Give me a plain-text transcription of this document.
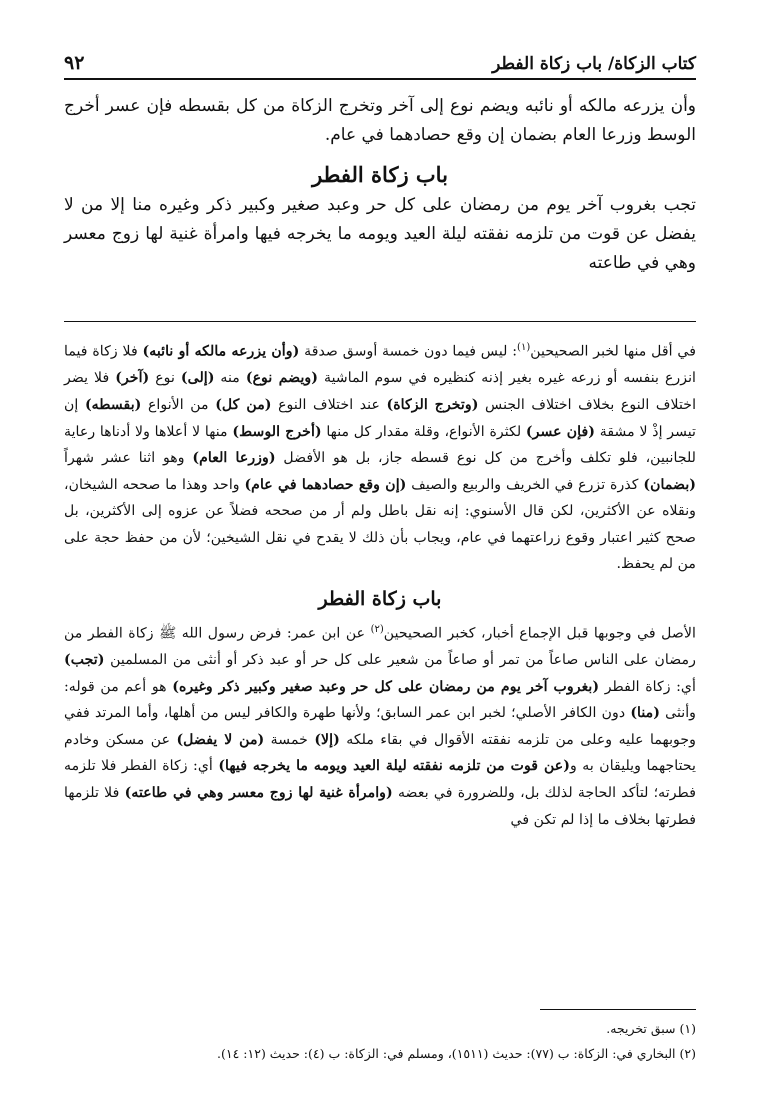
كتاب الزكاة/ باب زكاة الفطر
٩٢

وأن يزرعه مالكه أو نائبه ويضم نوع إلى آخر وتخرج الزكاة من كل بقسطه فإن عسر أخرج الوسط وزرعا العام بضمان إن وقع حصادهما في عام.

باب زكاة الفطر

تجب بغروب آخر يوم من رمضان على كل حر وعبد صغير وكبير ذكر وغيره منا إلا من لا يفضل عن قوت من تلزمه نفقته ليلة العيد ويومه ما يخرجه فيها وامرأة غنية لها زوج معسر وهي في طاعته

في أقل منها لخبر الصحيحين$^{(١)}$: ليس فيما دون خمسة أوسق صدقة (وأن يزرعه مالكه أو نائبه) فلا زكاة فيما انزرع بنفسه أو زرعه غيره بغير إذنه كنظيره في سوم الماشية (ويضم نوع) منه (إلى) نوع (آخر) فلا يضر اختلاف النوع بخلاف اختلاف الجنس (وتخرج الزكاة) عند اختلاف النوع (من كل) من الأنواع (بقسطه) إن تيسر إذْ لا مشقة (فإن عسر) لكثرة الأنواع، وقلة مقدار كل منها (أخرج الوسط) منها لا أعلاها ولا أدناها رعاية للجانبين، فلو تكلف وأخرج من كل نوع قسطه جاز، بل هو الأفضل (وزرعا العام) وهو اثنا عشر شهراً (بضمان) كذرة تزرع في الخريف والربيع والصيف (إن وقع حصادهما في عام) واحد وهذا ما صححه الشيخان، ونقلاه عن الأكثرين، لكن قال الأسنوي: إنه نقل باطل ولم أر من صححه فضلاً عن عزوه إلى الأكثرين، بل صحح كثير اعتبار وقوع زراعتهما في عام، ويجاب بأن ذلك لا يقدح في نقل الشيخين؛ لأن من حفظ حجة على من لم يحفظ.

باب زكاة الفطر

الأصل في وجوبها قبل الإجماع أخبار، كخبر الصحيحين$^{(٢)}$ عن ابن عمر: فرض رسول الله ﷺ زكاة الفطر من رمضان على الناس صاعاً من تمر أو صاعاً من شعير على كل حر أو عبد ذكر أو أنثى من المسلمين (تجب) أي: زكاة الفطر (بغروب آخر يوم من رمضان على كل حر وعبد صغير وكبير ذكر وغيره) هو أعم من قوله: وأنثى (منا) دون الكافر الأصلي؛ لخبر ابن عمر السابق؛ ولأنها طهرة والكافر ليس من أهلها، وأما المرتد ففي وجوبهما عليه وعلى من تلزمه نفقته الأقوال في بقاء ملكه (إلا) خمسة (من لا يفضل) عن مسكن وخادم يحتاجهما ويليقان به و(عن قوت من تلزمه نفقته ليلة العيد ويومه ما يخرجه فيها) أي: زكاة الفطر فلا تلزمه فطرته؛ لتأكد الحاجة لذلك بل، وللضرورة في بعضه (وامرأة غنية لها زوج معسر وهي في طاعته) فلا تلزمها فطرتها بخلاف ما إذا لم تكن في

(١) سبق تخريجه.

(٢) البخاري في: الزكاة: ب (٧٧): حديث (١٥١١)، ومسلم في: الزكاة: ب (٤): حديث (١٢: ١٤).
